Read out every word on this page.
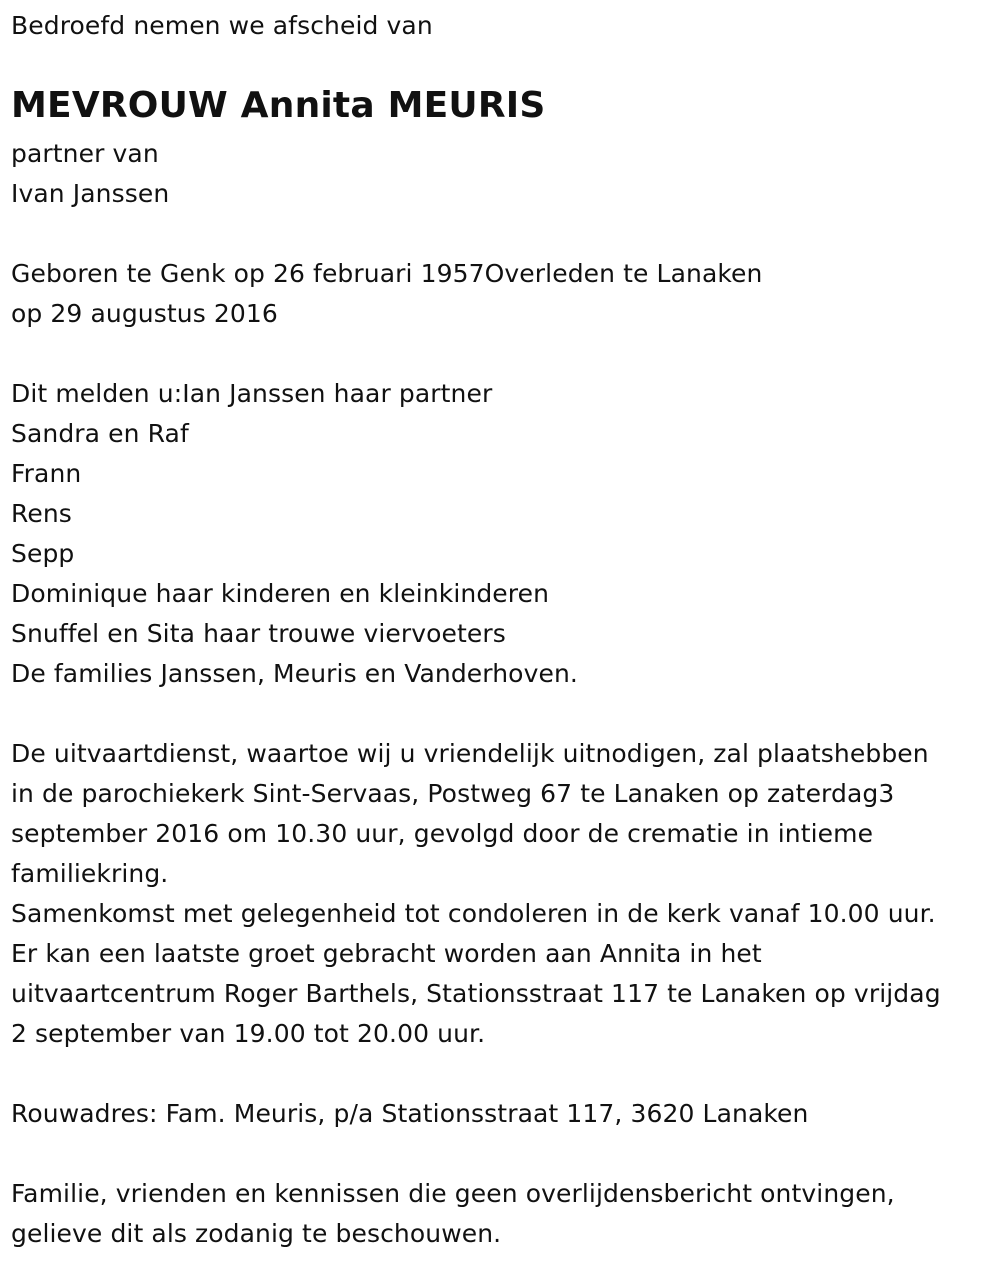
Bedroefd nemen we afscheid van
MEVROUW Annita MEURIS
partner van
Ivan Janssen
Geboren te Genk op 26 februari 1957Overleden te Lanaken
op 29 augustus 2016
Dit melden u:Ian Janssen haar partner
Sandra en Raf
Frann
Rens
Sepp
Dominique haar kinderen en kleinkinderen
Snuffel en Sita haar trouwe viervoeters
De families Janssen, Meuris en Vanderhoven.
De uitvaartdienst, waartoe wij u vriendelijk uitnodigen, zal plaatshebben
in de parochiekerk Sint-Servaas, Postweg 67 te Lanaken op zaterdag3
september 2016 om 10.30 uur, gevolgd door de crematie in intieme
familiekring.
Samenkomst met gelegenheid tot condoleren in de kerk vanaf 10.00 uur.
Er kan een laatste groet gebracht worden aan Annita in het
uitvaartcentrum Roger Barthels, Stationsstraat 117 te Lanaken op vrijdag
2 september van 19.00 tot 20.00 uur.
Rouwadres: Fam. Meuris, p/a Stationsstraat 117, 3620 Lanaken
Familie, vrienden en kennissen die geen overlijdensbericht ontvingen,
gelieve dit als zodanig te beschouwen.
